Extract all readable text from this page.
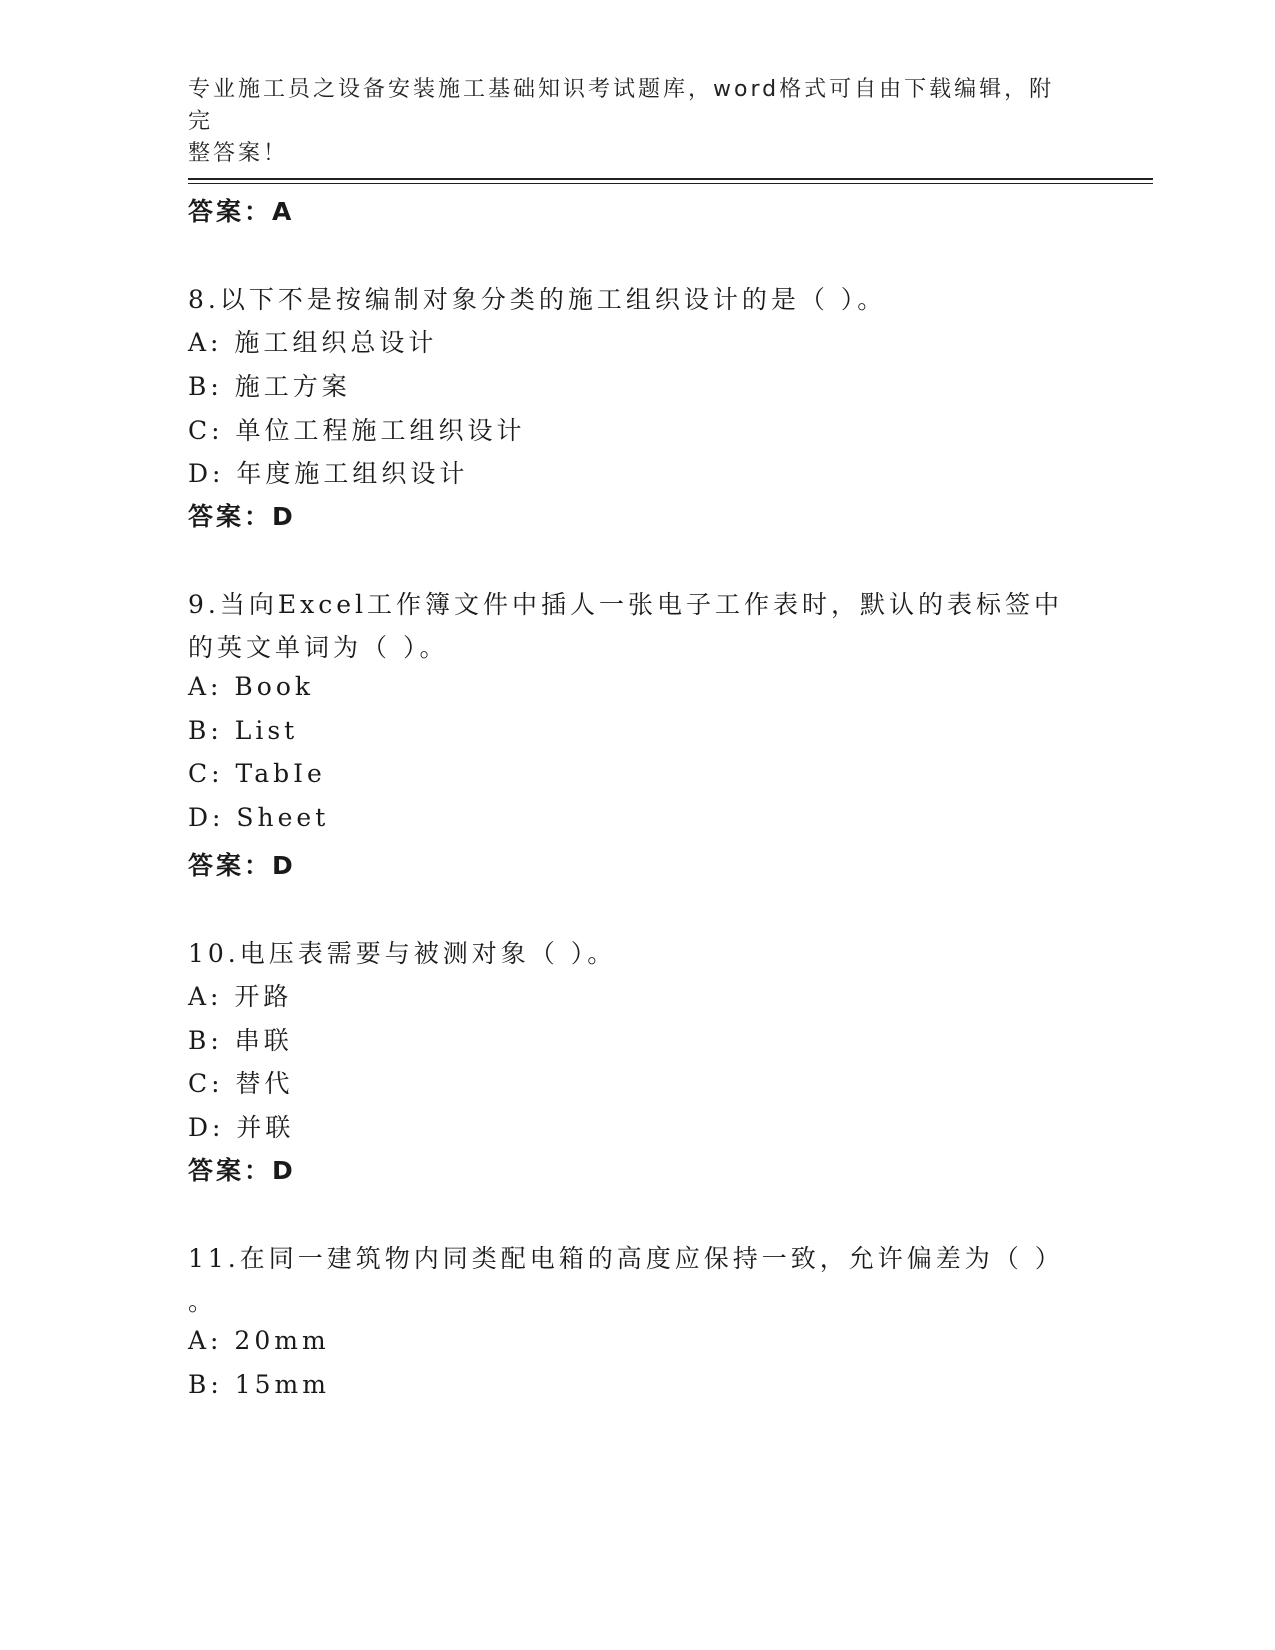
专业施工员之设备安装施工基础知识考试题库，word格式可自由下载编辑，附完
整答案！
答案：A
8.以下不是按编制对象分类的施工组织设计的是（ ）。
A: 施工组织总设计
B: 施工方案
C: 单位工程施工组织设计
D: 年度施工组织设计
答案：D
9.当向Excel工作簿文件中插人一张电子工作表时，默认的表标签中
的英文单词为（ ）。
A: Book
B: List
C: TabIe
D: Sheet
答案：D
10.电压表需要与被测对象（ ）。
A: 开路
B: 串联
C: 替代
D: 并联
答案：D
11.在同一建筑物内同类配电箱的高度应保持一致，允许偏差为（ ）
。
A: 20mm
B: 15mm
